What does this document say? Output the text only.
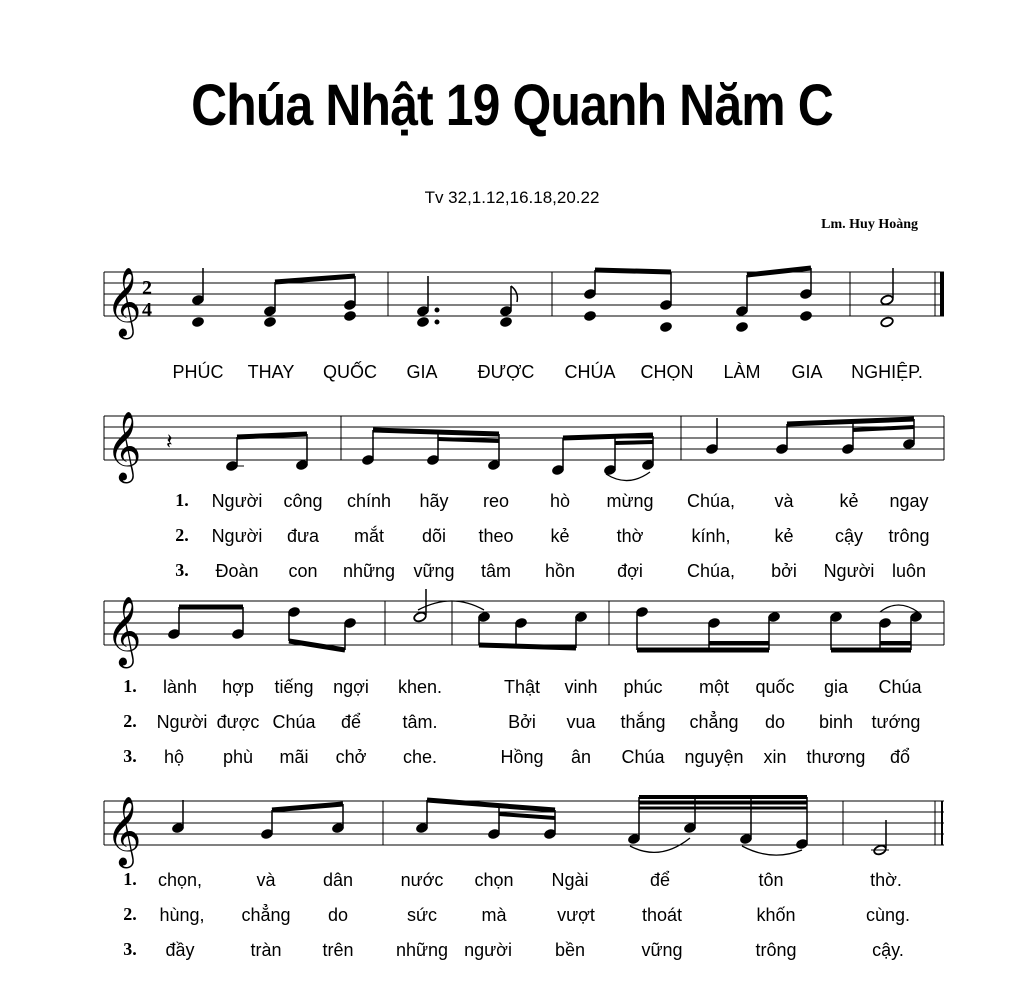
Chúa Nhật 19 Quanh Năm C
Tv 32,1.12,16.18,20.22
Lm. Huy Hoàng
𝄞 2
4
𝄞 𝄽
𝄞
𝄞
PHÚC THAY QUỐC GIA ĐƯỢC CHÚA CHỌN LÀM GIA NGHIỆP.
1. Người công chính hãy reo hò mừng Chúa, và	kẻ ngay
2. Người đưa mắt dõi theo kẻ	thờ	kính, kẻ cậy trông
3. Đoàn con những vững tâm hồn đợi Chúa, bởi Người luôn
1. lành hợp tiếng ngợi khen.	Thật vinh phúc một quốc gia Chúa
2. Người được Chúa để tâm.	Bởi vua thắng chẳng do binh tướng
3. hộ phù mãi chở che.	Hồng ân Chúa nguyện xin thương đổ
1. chọn,	và	dân	nước chọn Ngài	để	tôn	thờ.
2. hùng, chẳng do	sức mà	vượt	thoát	khốn	cùng.
3. đầy	tràn trên những người bền	vững	trông	cậy.
